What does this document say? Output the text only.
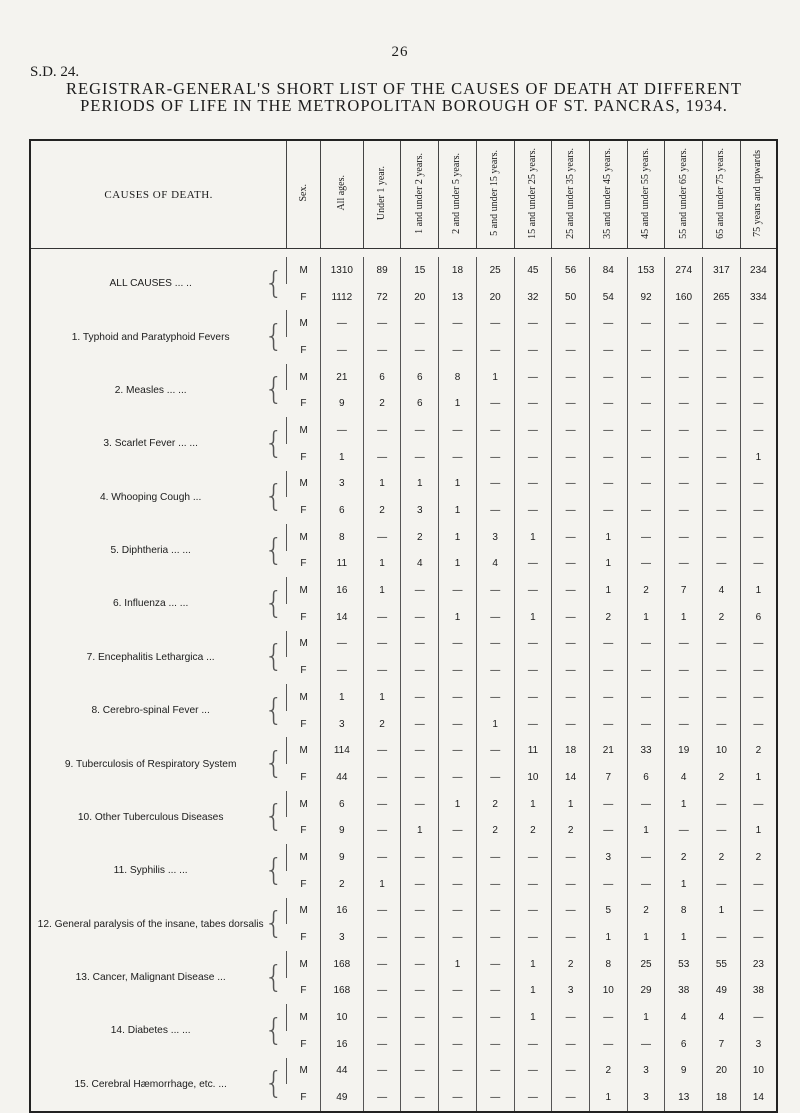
26
S.D. 24.
REGISTRAR-GENERAL'S SHORT LIST OF THE CAUSES OF DEATH AT DIFFERENT PERIODS OF LIFE IN THE METROPOLITAN BOROUGH OF ST. PANCRAS, 1934.
CAUSES OF DEATH.	Sex.	All ages.	Under 1 year.	1 and under 2 years.	2 and under 5 years.	5 and under 15 years.	15 and under 25 years.	25 and under 35 years.	35 and under 45 years.	45 and under 55 years.	55 and under 65 years.	65 and under 75 years.	75 years and upwards

ALL CAUSES ... .. {	M	1310	89	15	18	25	45	56	84	153	274	317	234
	F	1112	72	20	13	20	32	50	54	92	160	265	334

1. Typhoid and Paratyphoid Fevers {	M	—	—	—	—	—	—	—	—	—	—	—	—
	F	—	—	—	—	—	—	—	—	—	—	—	—

2. Measles ... ... {	M	21	6	6	8	1	—	—	—	—	—	—	—
	F	9	2	6	1	—	—	—	—	—	—	—	—

3. Scarlet Fever ... ... {	M	—	—	—	—	—	—	—	—	—	—	—	—
	F	1	—	—	—	—	—	—	—	—	—	—	1

4. Whooping Cough ... {	M	3	1	1	1	—	—	—	—	—	—	—	—
	F	6	2	3	1	—	—	—	—	—	—	—	—

5. Diphtheria ... ... {	M	8	—	2	1	3	1	—	1	—	—	—	—
	F	11	1	4	1	4	—	—	1	—	—	—	—

6. Influenza ... ... {	M	16	1	—	—	—	—	—	1	2	7	4	1
	F	14	—	—	1	—	1	—	2	1	1	2	6

7. Encephalitis Lethargica ... {	M	—	—	—	—	—	—	—	—	—	—	—	—
	F	—	—	—	—	—	—	—	—	—	—	—	—

8. Cerebro-spinal Fever ... {	M	1	1	—	—	—	—	—	—	—	—	—	—
	F	3	2	—	—	1	—	—	—	—	—	—	—

9. Tuberculosis of Respiratory System {	M	114	—	—	—	—	11	18	21	33	19	10	2
	F	44	—	—	—	—	10	14	7	6	4	2	1

10. Other Tuberculous Diseases {	M	6	—	—	1	2	1	1	—	—	1	—	—
	F	9	—	1	—	2	2	2	—	1	—	—	1

11. Syphilis ... ... {	M	9	—	—	—	—	—	—	3	—	2	2	2
	F	2	1	—	—	—	—	—	—	—	1	—	—

12. General paralysis of the insane, tabes dorsalis {	M	16	—	—	—	—	—	—	5	2	8	1	—
	F	3	—	—	—	—	—	—	1	1	1	—	—

13. Cancer, Malignant Disease ... {	M	168	—	—	1	—	1	2	8	25	53	55	23
	F	168	—	—	—	—	1	3	10	29	38	49	38

14. Diabetes ... ... {	M	10	—	—	—	—	1	—	—	1	4	4	—
	F	16	—	—	—	—	—	—	—	—	6	7	3

15. Cerebral Hæmorrhage, etc. ... {	M	44	—	—	—	—	—	—	2	3	9	20	10
	F	49	—	—	—	—	—	—	1	3	13	18	14
